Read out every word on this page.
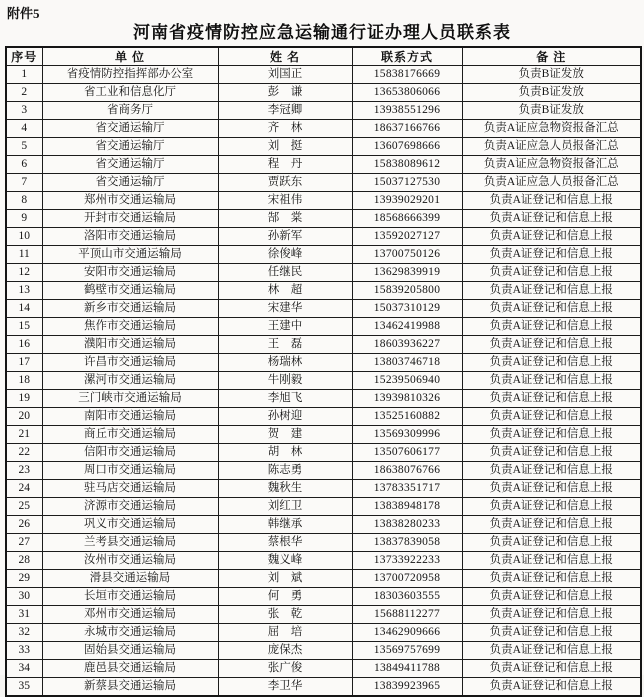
附件5
河南省疫情防控应急运输通行证办理人员联系表
序号	单 位	姓 名	联系方式	备 注
1	省疫情防控指挥部办公室	刘国正	15838176669	负责B证发放
2	省工业和信息化厅	彭　谦	13653806066	负责B证发放
3	省商务厅	李冠卿	13938551296	负责B证发放
4	省交通运输厅	齐　林	18637166766	负责A证应急物资报备汇总
5	省交通运输厅	刘　挺	13607698666	负责A证应急人员报备汇总
6	省交通运输厅	程　丹	15838089612	负责A证应急物资报备汇总
7	省交通运输厅	贾跃东	15037127530	负责A证应急人员报备汇总
8	郑州市交通运输局	宋祖伟	13939029201	负责A证登记和信息上报
9	开封市交通运输局	郜　棠	18568666399	负责A证登记和信息上报
10	洛阳市交通运输局	孙新军	13592027127	负责A证登记和信息上报
11	平顶山市交通运输局	徐俊峰	13700750126	负责A证登记和信息上报
12	安阳市交通运输局	任继民	13629839919	负责A证登记和信息上报
13	鹤壁市交通运输局	林　超	15839205800	负责A证登记和信息上报
14	新乡市交通运输局	宋建华	15037310129	负责A证登记和信息上报
15	焦作市交通运输局	王建中	13462419988	负责A证登记和信息上报
16	濮阳市交通运输局	王　磊	18603936227	负责A证登记和信息上报
17	许昌市交通运输局	杨瑞林	13803746718	负责A证登记和信息上报
18	漯河市交通运输局	牛刚毅	15239506940	负责A证登记和信息上报
19	三门峡市交通运输局	李旭飞	13939810326	负责A证登记和信息上报
20	南阳市交通运输局	孙树迎	13525160882	负责A证登记和信息上报
21	商丘市交通运输局	贺　建	13569309996	负责A证登记和信息上报
22	信阳市交通运输局	胡　林	13507606177	负责A证登记和信息上报
23	周口市交通运输局	陈志勇	18638076766	负责A证登记和信息上报
24	驻马店交通运输局	魏秋生	13783351717	负责A证登记和信息上报
25	济源市交通运输局	刘红卫	13838948178	负责A证登记和信息上报
26	巩义市交通运输局	韩继承	13838280233	负责A证登记和信息上报
27	兰考县交通运输局	蔡根华	13837839058	负责A证登记和信息上报
28	汝州市交通运输局	魏义峰	13733922233	负责A证登记和信息上报
29	滑县交通运输局	刘　斌	13700720958	负责A证登记和信息上报
30	长垣市交通运输局	何　勇	18303603555	负责A证登记和信息上报
31	邓州市交通运输局	张　乾	15688112277	负责A证登记和信息上报
32	永城市交通运输局	屈　培	13462909666	负责A证登记和信息上报
33	固始县交通运输局	庞保杰	13569757699	负责A证登记和信息上报
34	鹿邑县交通运输局	张广俊	13849411788	负责A证登记和信息上报
35	新蔡县交通运输局	李卫华	13839923965	负责A证登记和信息上报
